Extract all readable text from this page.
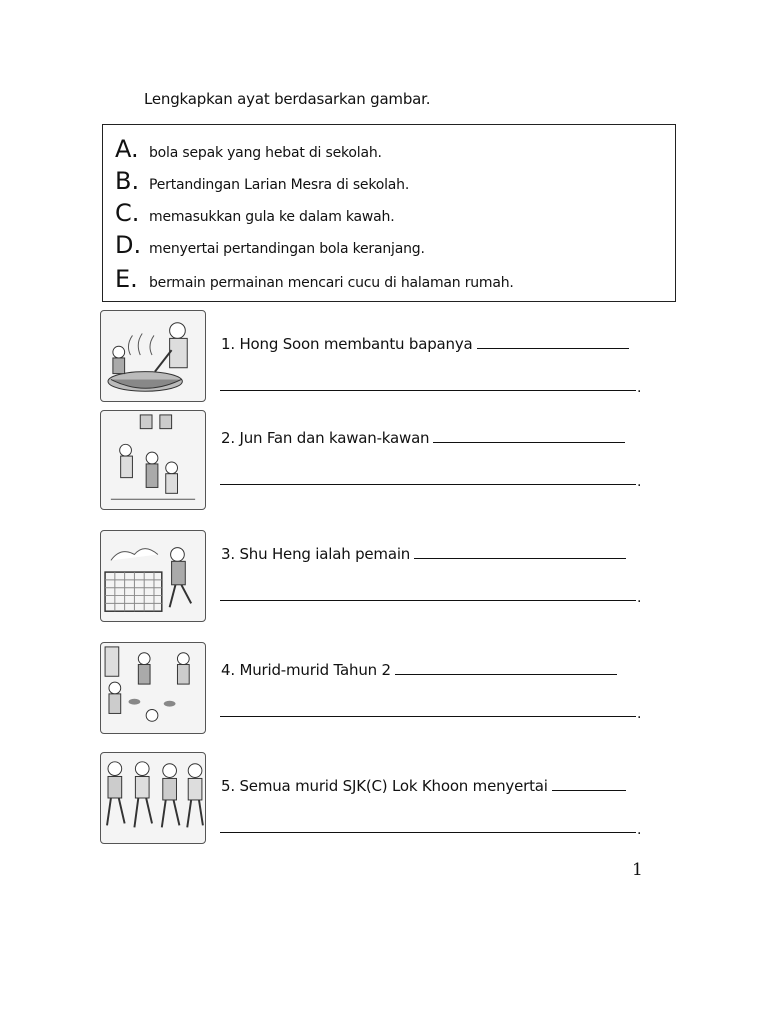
Lengkapkan ayat berdasarkan gambar.
A. bola sepak yang hebat di sekolah.
B. Pertandingan Larian Mesra di sekolah.
C. memasukkan gula ke dalam kawah.
D. menyertai pertandingan bola keranjang.
E. bermain permainan mencari cucu di halaman rumah.
1. Hong Soon membantu bapanya
.
2. Jun Fan dan kawan-kawan
.
3. Shu Heng ialah pemain
.
4. Murid-murid Tahun 2
.
5. Semua murid SJK(C) Lok Khoon menyertai
.
1
